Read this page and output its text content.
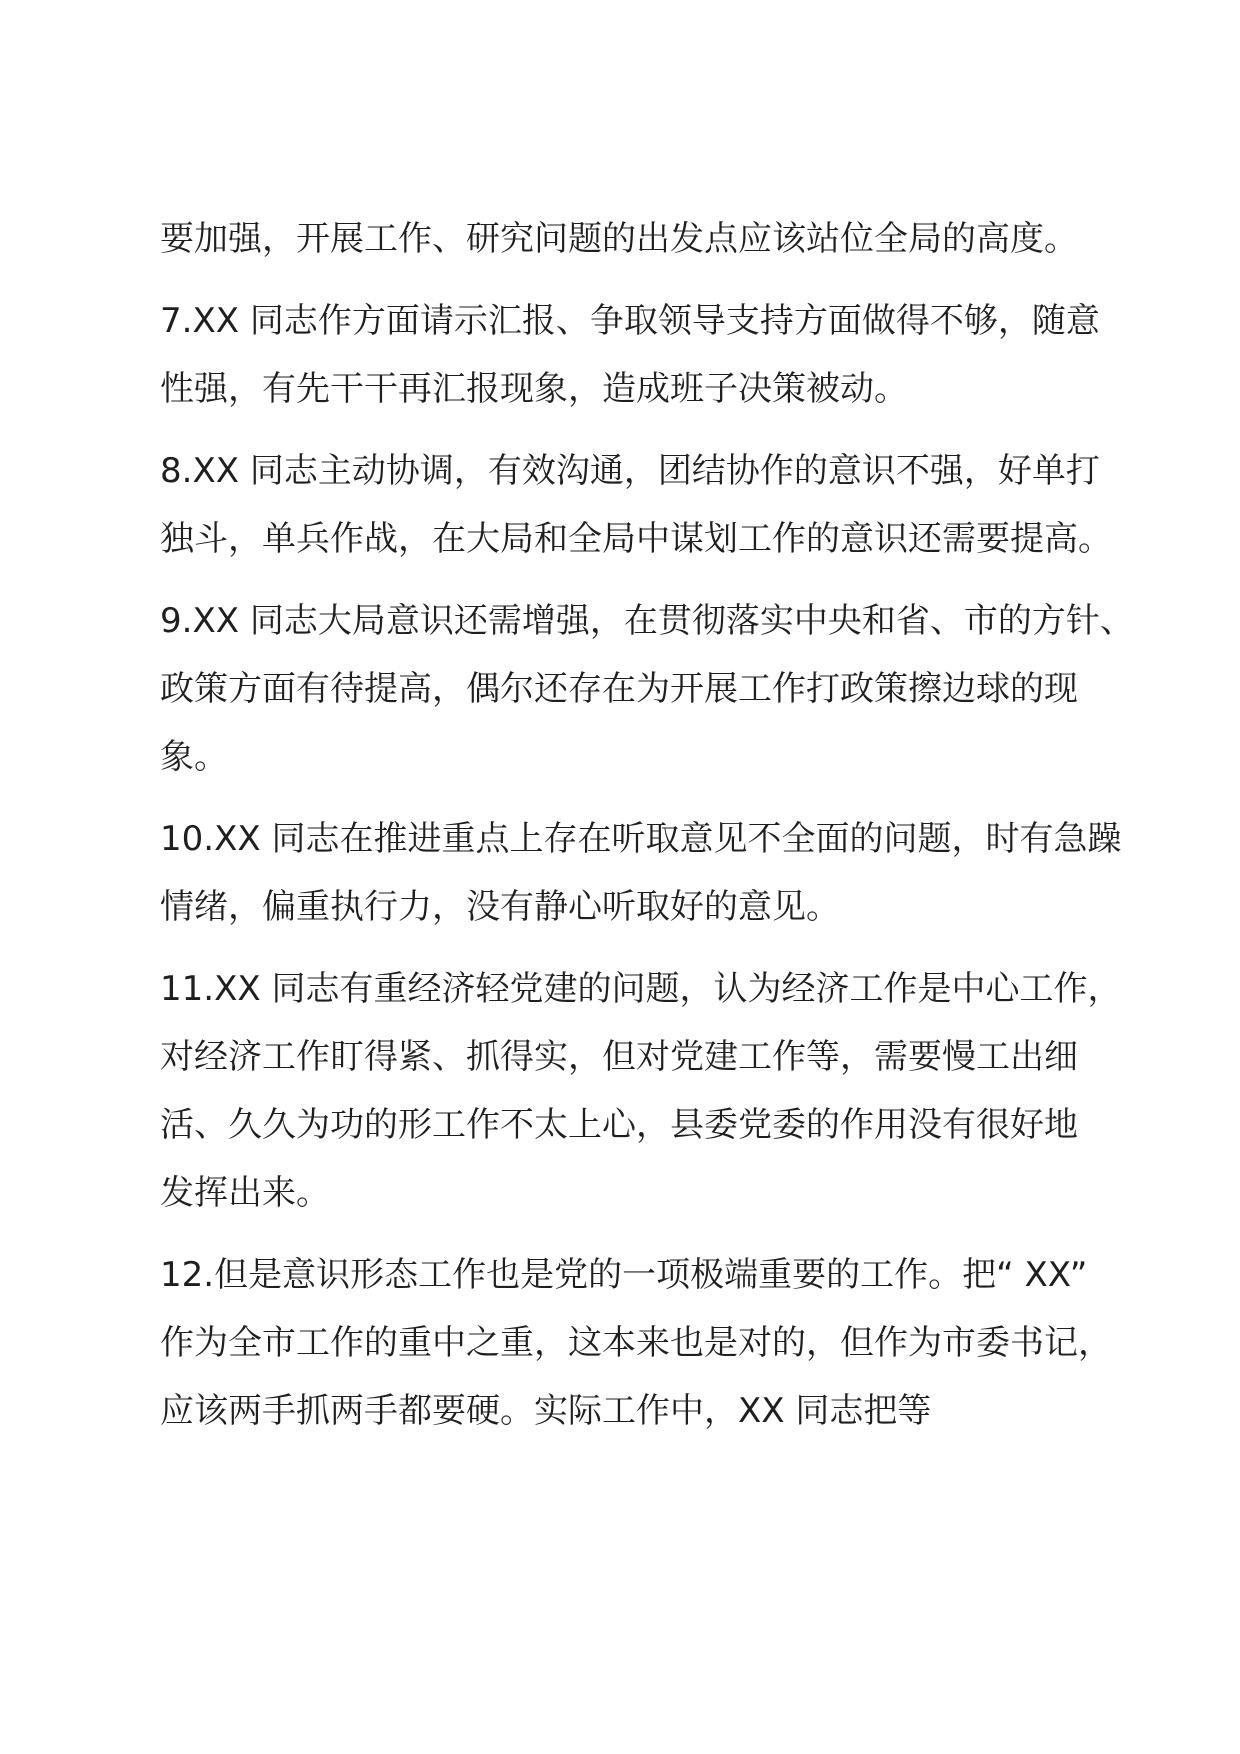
要加强，开展工作、研究问题的出发点应该站位全局的高度。
7.XX 同志作方面请示汇报、争取领导支持方面做得不够，随意
性强，有先干干再汇报现象，造成班子决策被动。
8.XX 同志主动协调，有效沟通，团结协作的意识不强，好单打
独斗，单兵作战，在大局和全局中谋划工作的意识还需要提高。
9.XX 同志大局意识还需增强，在贯彻落实中央和省、市的方针、
政策方面有待提高，偶尔还存在为开展工作打政策擦边球的现
象。
10.XX 同志在推进重点上存在听取意见不全面的问题，时有急躁
情绪，偏重执行力，没有静心听取好的意见。
11.XX 同志有重经济轻党建的问题，认为经济工作是中心工作，
对经济工作盯得紧、抓得实，但对党建工作等，需要慢工出细
活、久久为功的形工作不太上心，县委党委的作用没有很好地
发挥出来。
12.但是意识形态工作也是党的一项极端重要的工作。把“ XX”
作为全市工作的重中之重，这本来也是对的，但作为市委书记，
应该两手抓两手都要硬。实际工作中，XX 同志把等
